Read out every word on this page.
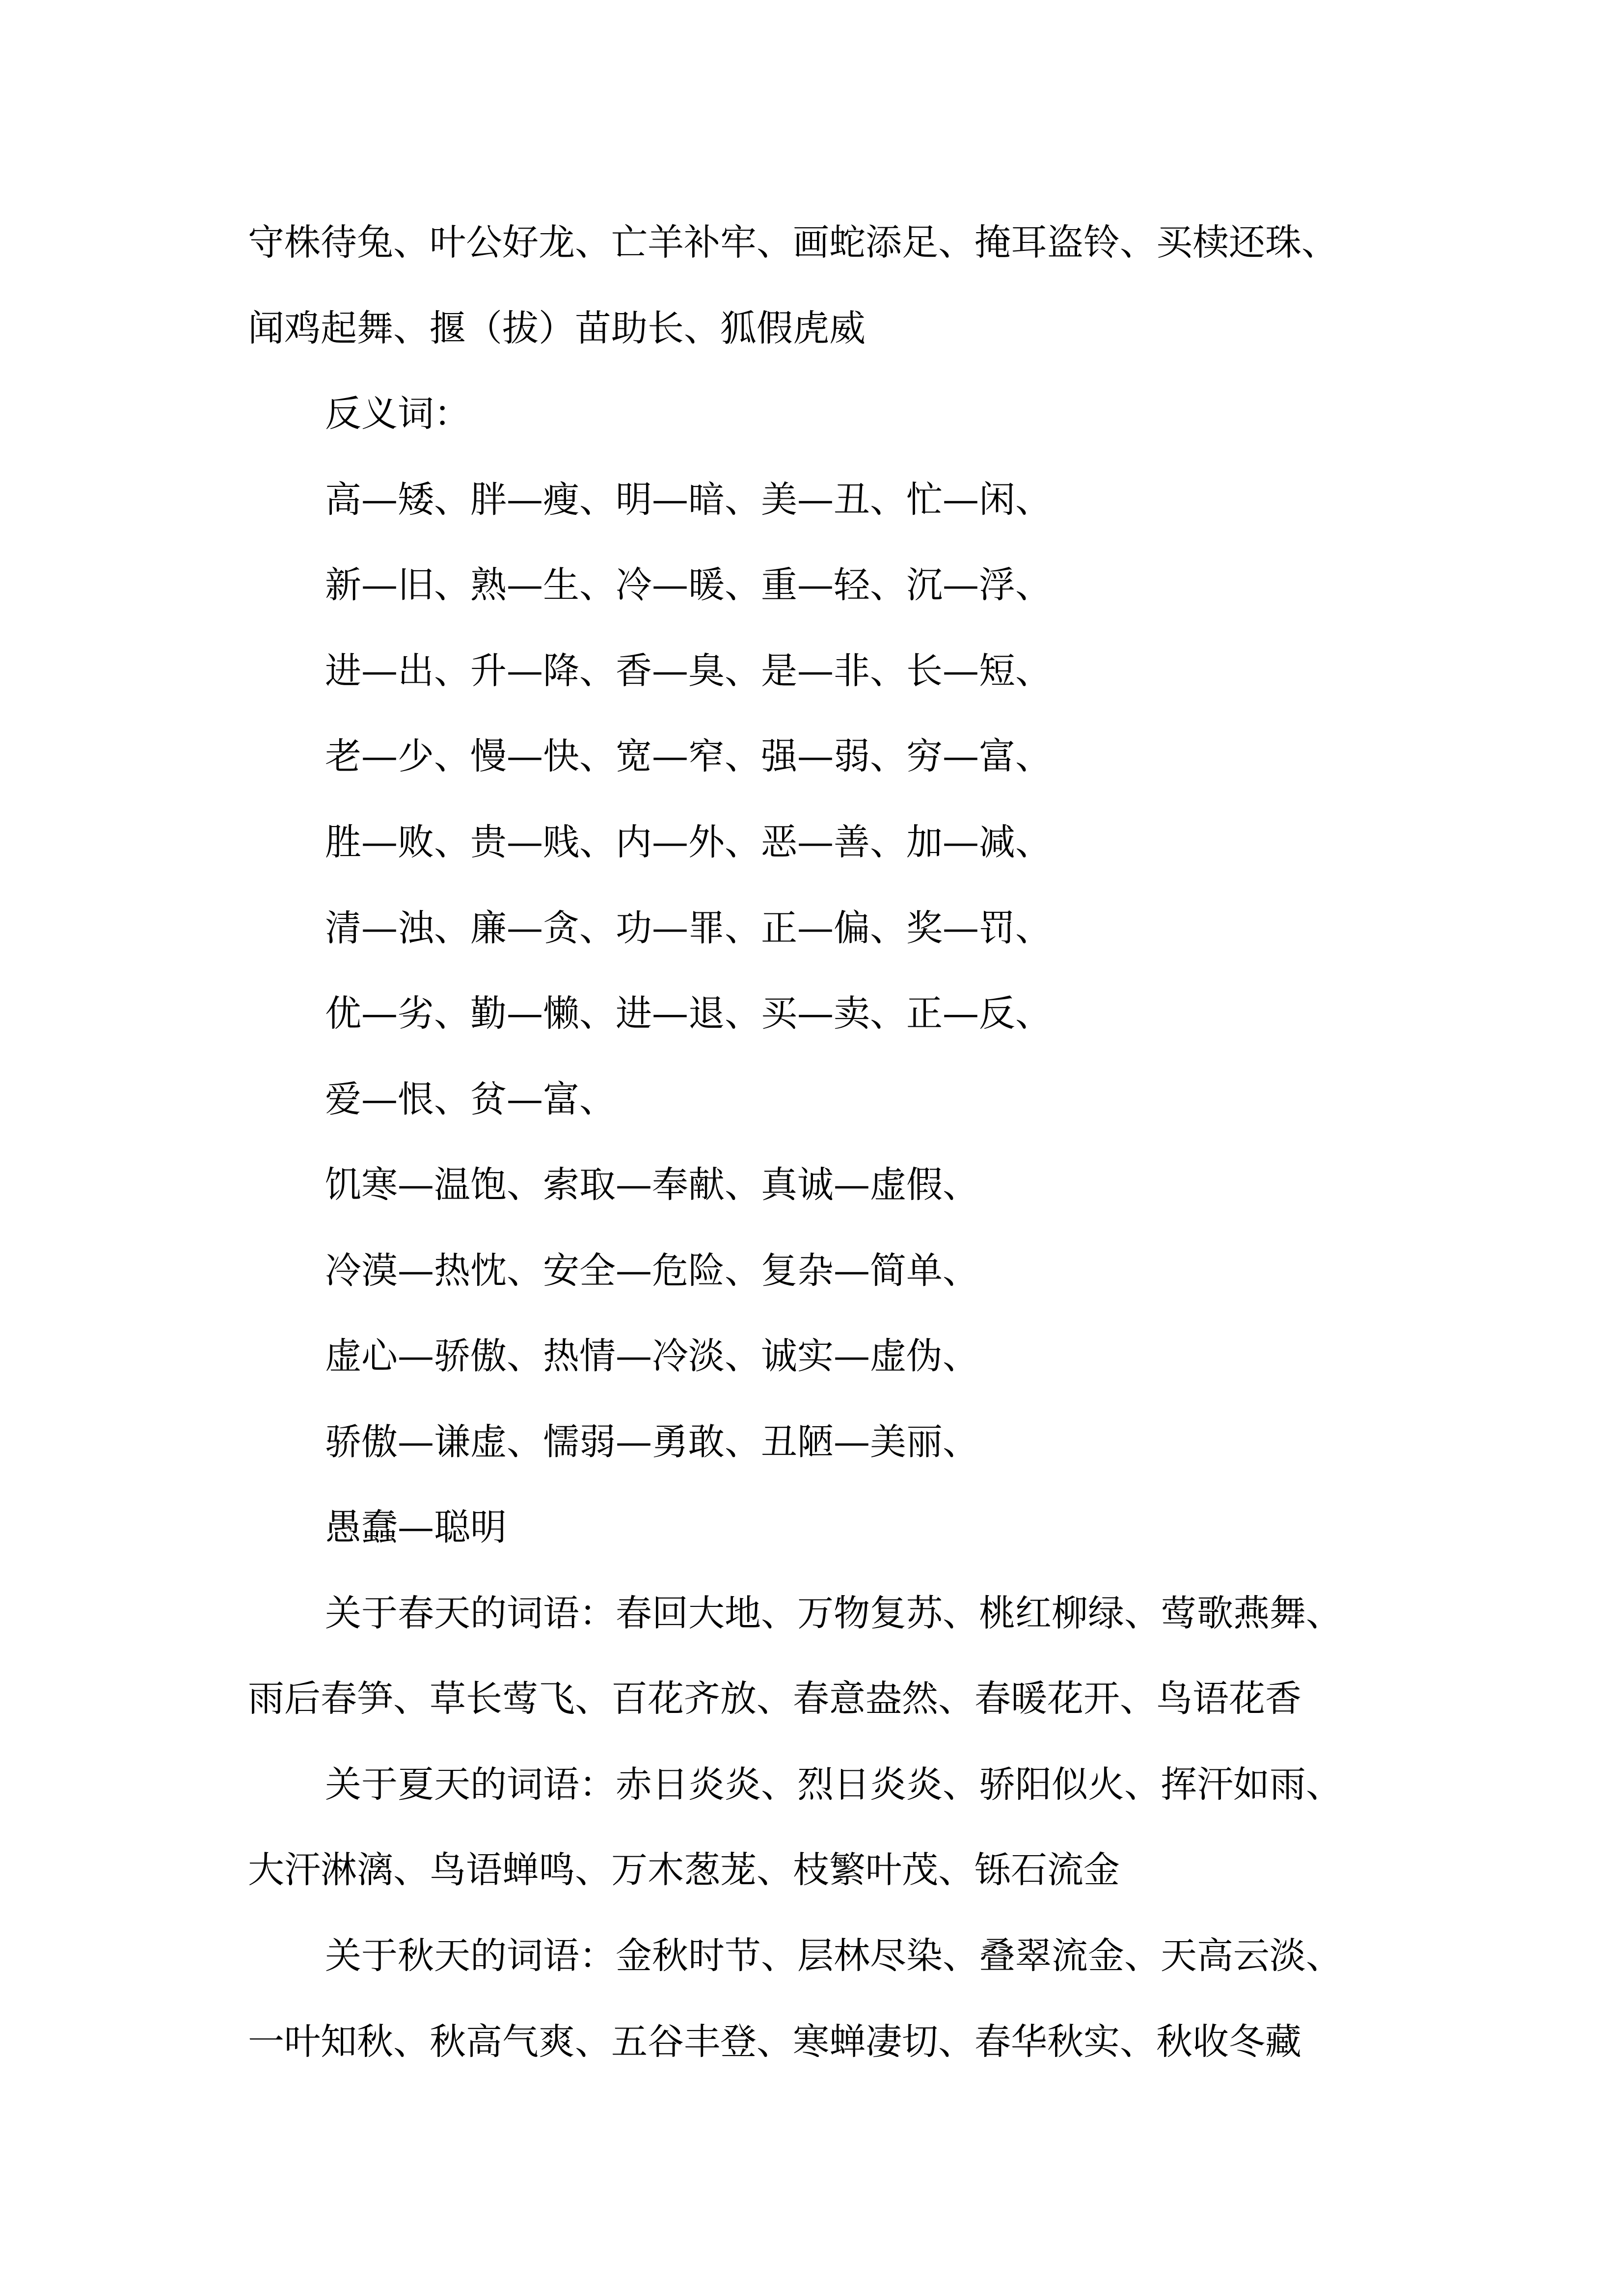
守株待兔、叶公好龙、亡羊补牢、画蛇添足、掩耳盗铃、买椟还珠、
闻鸡起舞、揠（拔）苗助长、狐假虎威
反义词：
高—矮、胖—瘦、明—暗、美—丑、忙—闲、
新—旧、熟—生、冷—暖、重—轻、沉—浮、
进—出、升—降、香—臭、是—非、长—短、
老—少、慢—快、宽—窄、强—弱、穷—富、
胜—败、贵—贱、内—外、恶—善、加—减、
清—浊、廉—贪、功—罪、正—偏、奖—罚、
优—劣、勤—懒、进—退、买—卖、正—反、
爱—恨、贫—富、
饥寒—温饱、索取—奉献、真诚—虚假、
冷漠—热忱、安全—危险、复杂—简单、
虚心—骄傲、热情—冷淡、诚实—虚伪、
骄傲—谦虚、懦弱—勇敢、丑陋—美丽、
愚蠢—聪明
关于春天的词语：春回大地、万物复苏、桃红柳绿、莺歌燕舞、
雨后春笋、草长莺飞、百花齐放、春意盎然、春暖花开、鸟语花香
关于夏天的词语：赤日炎炎、烈日炎炎、骄阳似火、挥汗如雨、
大汗淋漓、鸟语蝉鸣、万木葱茏、枝繁叶茂、铄石流金
关于秋天的词语：金秋时节、层林尽染、叠翠流金、天高云淡、
一叶知秋、秋高气爽、五谷丰登、寒蝉凄切、春华秋实、秋收冬藏
